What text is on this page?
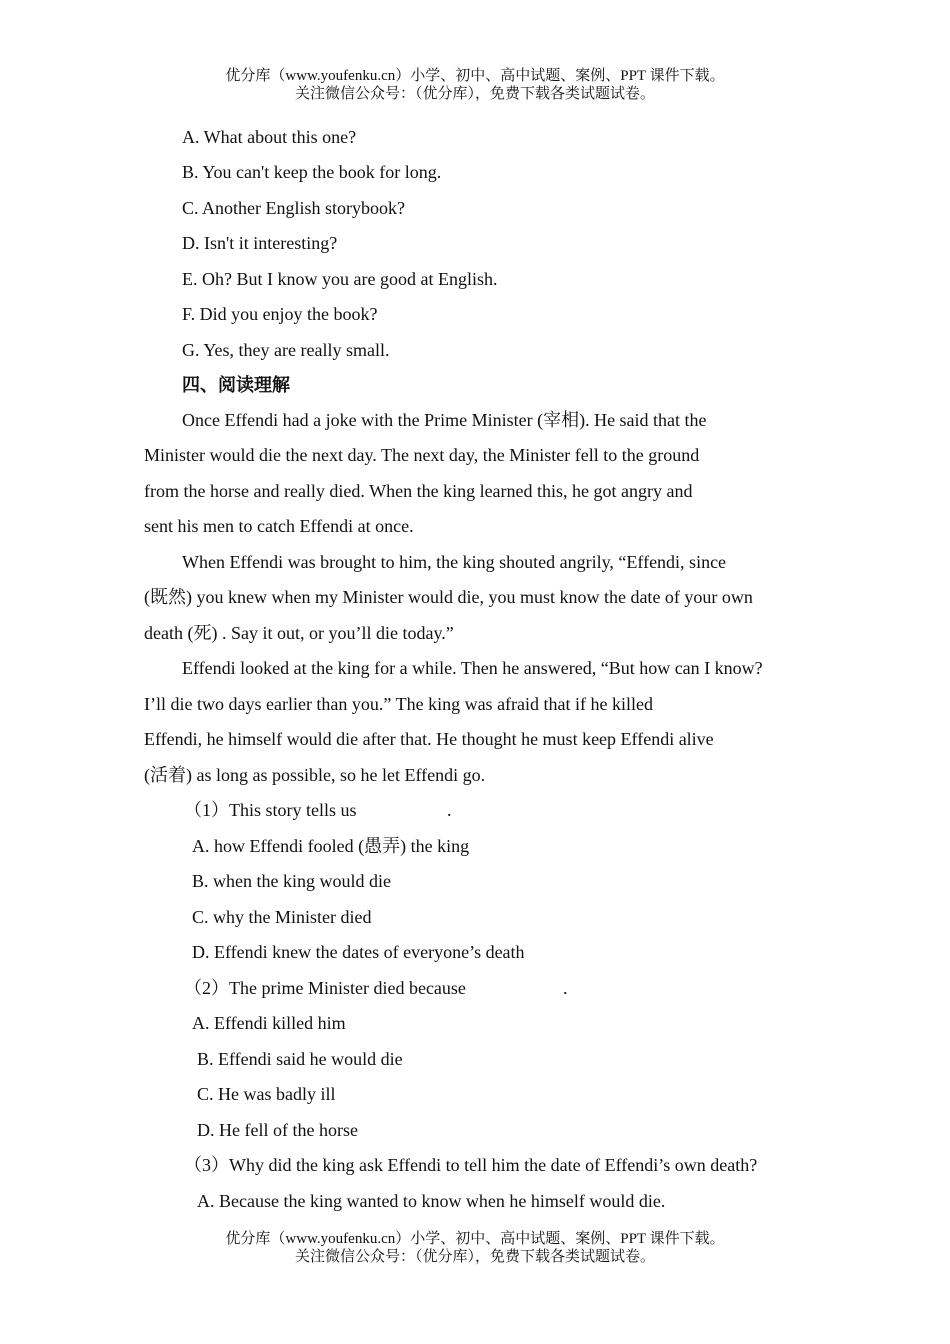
优分库（www.youfenku.cn）小学、初中、高中试题、案例、PPT 课件下载。
关注微信公众号：（优分库），免费下载各类试题试卷。
A. What about this one?
B. You can't keep the book for long.
C. Another English storybook?
D. Isn't it interesting?
E. Oh? But I know you are good at English.
F. Did you enjoy the book?
G. Yes, they are really small.
四、阅读理解
Once Effendi had a joke with the Prime Minister (宰相). He said that the
Minister would die the next day. The next day, the Minister fell to the ground
from the horse and really died. When the king learned this, he got angry and
sent his men to catch Effendi at once.
When Effendi was brought to him, the king shouted angrily, “Effendi, since
(既然) you knew when my Minister would die, you must know the date of your own
death (死) . Say it out, or you’ll die today.”
Effendi looked at the king for a while. Then he answered, “But how can I know?
I’ll die two days earlier than you.” The king was afraid that if he killed
Effendi, he himself would die after that. He thought he must keep Effendi alive
(活着) as long as possible, so he let Effendi go.
（1）This story tells us	.
A. how Effendi fooled (愚弄) the king
B. when the king would die
C. why the Minister died
D. Effendi knew the dates of everyone’s death
（2）The prime Minister died because	.
A. Effendi killed him
B. Effendi said he would die
C. He was badly ill
D. He fell of the horse
（3）Why did the king ask Effendi to tell him the date of Effendi’s own death?
A. Because the king wanted to know when he himself would die.
优分库（www.youfenku.cn）小学、初中、高中试题、案例、PPT 课件下载。
关注微信公众号：（优分库），免费下载各类试题试卷。
